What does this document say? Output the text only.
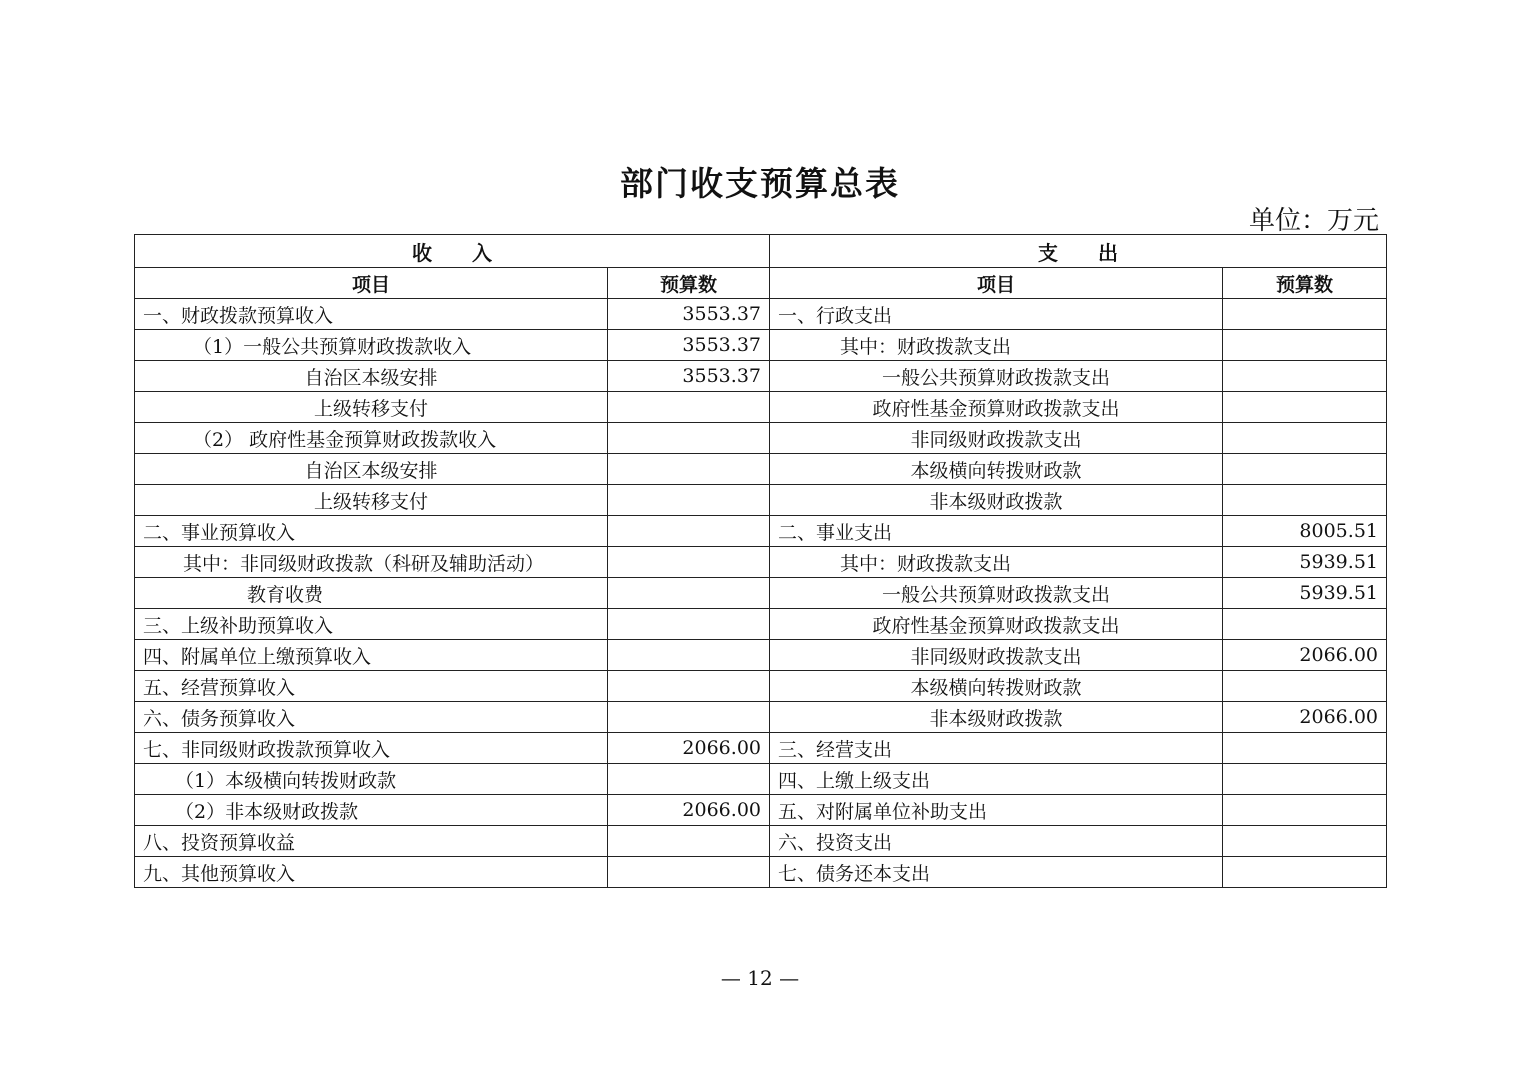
部门收支预算总表
单位：万元
收　　入		支　　出	
项目	预算数	项目	预算数
一、财政拨款预算收入	3553.37	一、行政支出	
（1）一般公共预算财政拨款收入	3553.37	其中：财政拨款支出	
自治区本级安排	3553.37	一般公共预算财政拨款支出	
上级转移支付		政府性基金预算财政拨款支出	
（2） 政府性基金预算财政拨款收入		非同级财政拨款支出	
自治区本级安排		本级横向转拨财政款	
上级转移支付		非本级财政拨款	
二、事业预算收入		二、事业支出	8005.51
其中：非同级财政拨款（科研及辅助活动）		其中：财政拨款支出	5939.51
教育收费		一般公共预算财政拨款支出	5939.51
三、上级补助预算收入		政府性基金预算财政拨款支出	
四、附属单位上缴预算收入		非同级财政拨款支出	2066.00
五、经营预算收入		本级横向转拨财政款	
六、债务预算收入		非本级财政拨款	2066.00
七、非同级财政拨款预算收入	2066.00	三、经营支出	
（1）本级横向转拨财政款		四、上缴上级支出	
（2）非本级财政拨款	2066.00	五、对附属单位补助支出	
八、投资预算收益		六、投资支出	
九、其他预算收入		七、债务还本支出	
— 12 —
